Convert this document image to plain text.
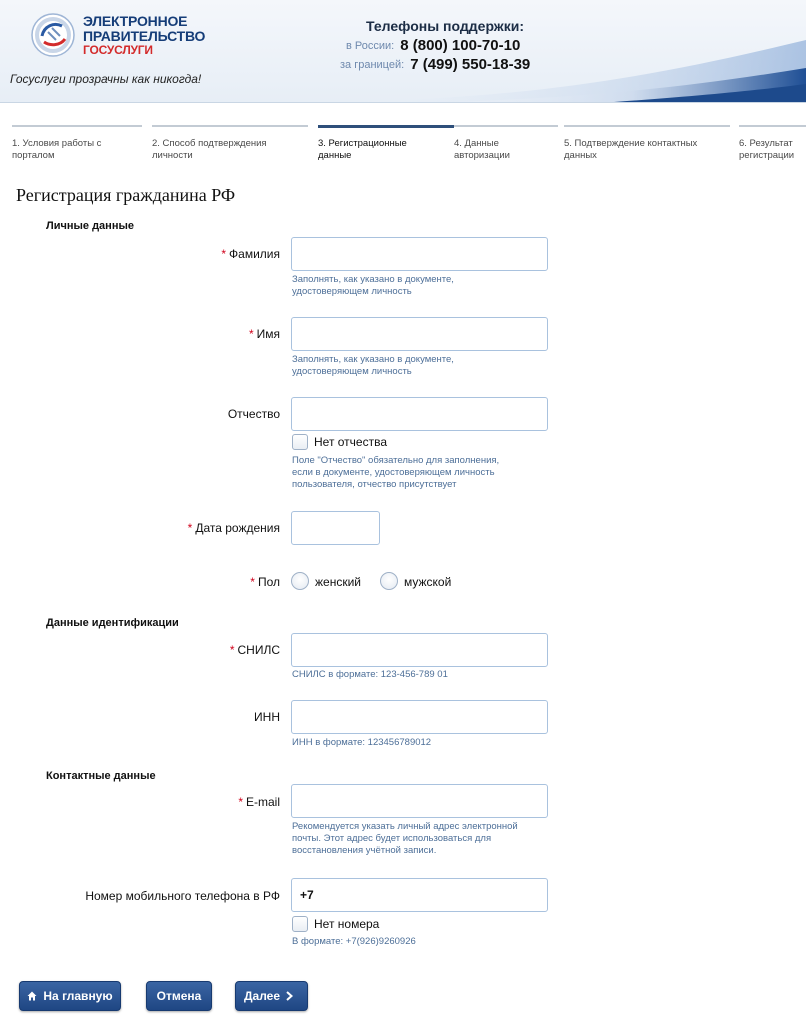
ЭЛЕКТРОННОЕ
ПРАВИТЕЛЬСТВО
ГОСУСЛУГИ
Госуслуги прозрачны как никогда!
Телефоны поддержки:
в России: 8 (800) 100-70-10
за границей: 7 (499) 550-18-39
1. Условия работы с
порталом
2. Способ подтверждения
личности
3. Регистрационные
данные
4. Данные
авторизации
5. Подтверждение контактных
данных
6. Результат
регистрации
Регистрация гражданина РФ
Личные данные
* Фамилия
Заполнять, как указано в документе,
удостоверяющем личность
* Имя
Заполнять, как указано в документе,
удостоверяющем личность
Отчество
Нет отчества
Поле "Отчество" обязательно для заполнения,
если в документе, удостоверяющем личность
пользователя, отчество присутствует
* Дата рождения
* Пол	женский	мужской
Данные идентификации
* СНИЛС
СНИЛС в формате: 123-456-789 01
ИНН
ИНН в формате: 123456789012
Контактные данные
* E-mail
Рекомендуется указать личный адрес электронной
почты. Этот адрес будет использоваться для
восстановления учётной записи.
Номер мобильного телефона в РФ
+7
Нет номера
В формате: +7(926)9260926
На главную	Отмена	Далее
